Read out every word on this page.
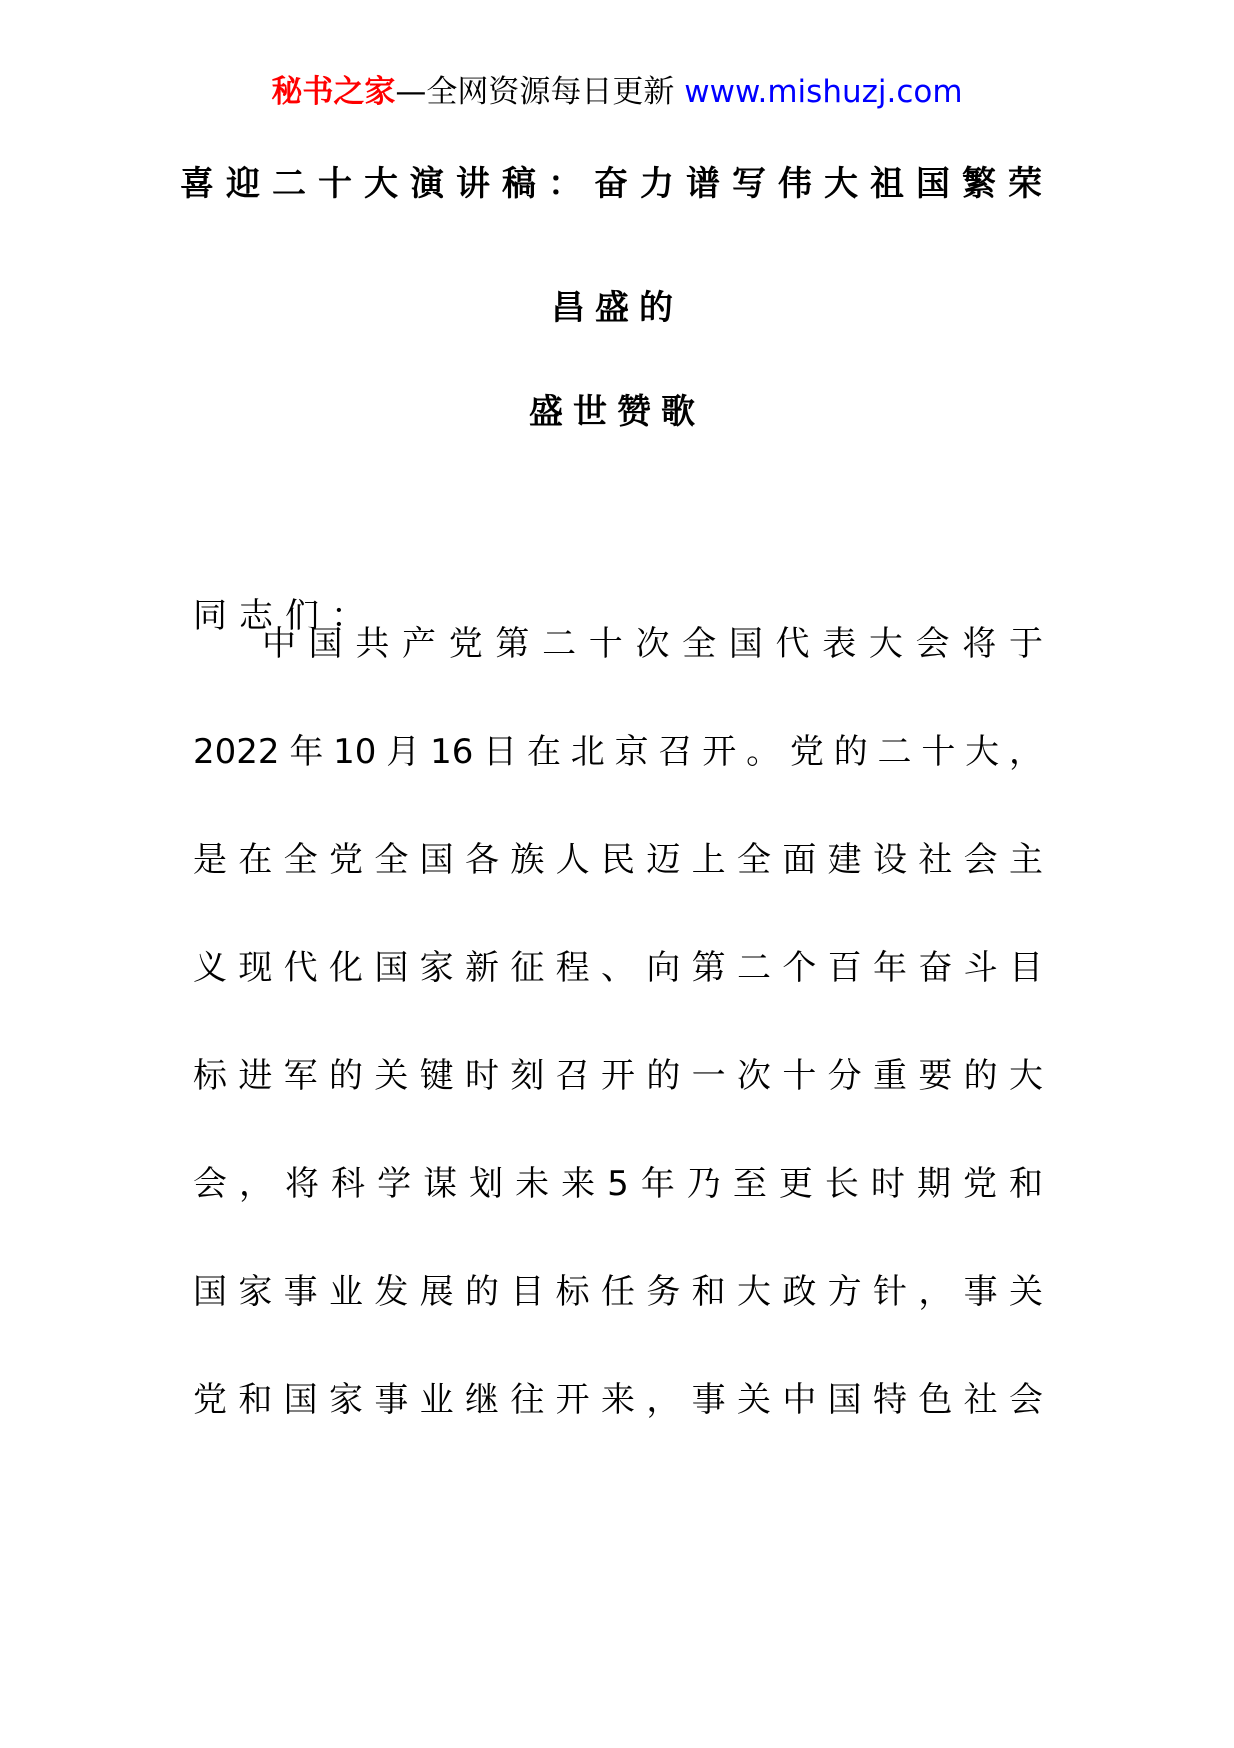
秘书之家—全网资源每日更新 www.mishuzj.com
喜迎二十大演讲稿：奋力谱写伟大祖国繁荣
昌盛的
盛世赞歌
同志们：
中国共产党第二十次全国代表大会将于
2022年10月16日在北京召开。党的二十大，
是在全党全国各族人民迈上全面建设社会主
义现代化国家新征程、向第二个百年奋斗目
标进军的关键时刻召开的一次十分重要的大
会，将科学谋划未来5年乃至更长时期党和
国家事业发展的目标任务和大政方针，事关
党和国家事业继往开来，事关中国特色社会
